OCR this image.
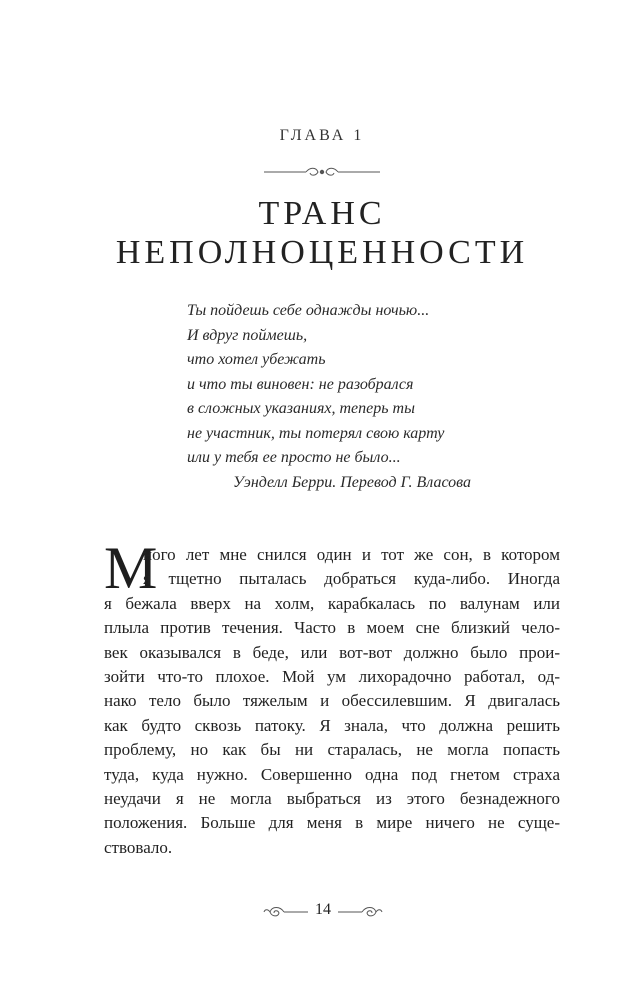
ГЛАВА 1
ТРАНС
НЕПОЛНОЦЕННОСТИ
Ты пойдешь себе однажды ночью...
И вдруг поймешь,
что хотел убежать
и что ты виновен: не разобрался
в сложных указаниях, теперь ты
не участник, ты потерял свою карту
или у тебя ее просто не было...
Уэнделл Берри. Перевод Г. Власова
М
ного лет мне снился один и тот же сон, в котором
я тщетно пыталась добраться куда-либо. Иногда
я бежала вверх на холм, карабкалась по валунам или
плыла против течения. Часто в моем сне близкий чело-
век оказывался в беде, или вот-вот должно было прои-
зойти что-то плохое. Мой ум лихорадочно работал, од-
нако тело было тяжелым и обессилевшим. Я двигалась
как будто сквозь патоку. Я знала, что должна решить
проблему, но как бы ни старалась, не могла попасть
туда, куда нужно. Совершенно одна под гнетом страха
неудачи я не могла выбраться из этого безнадежного
положения. Больше для меня в мире ничего не суще-
ствовало.
14
